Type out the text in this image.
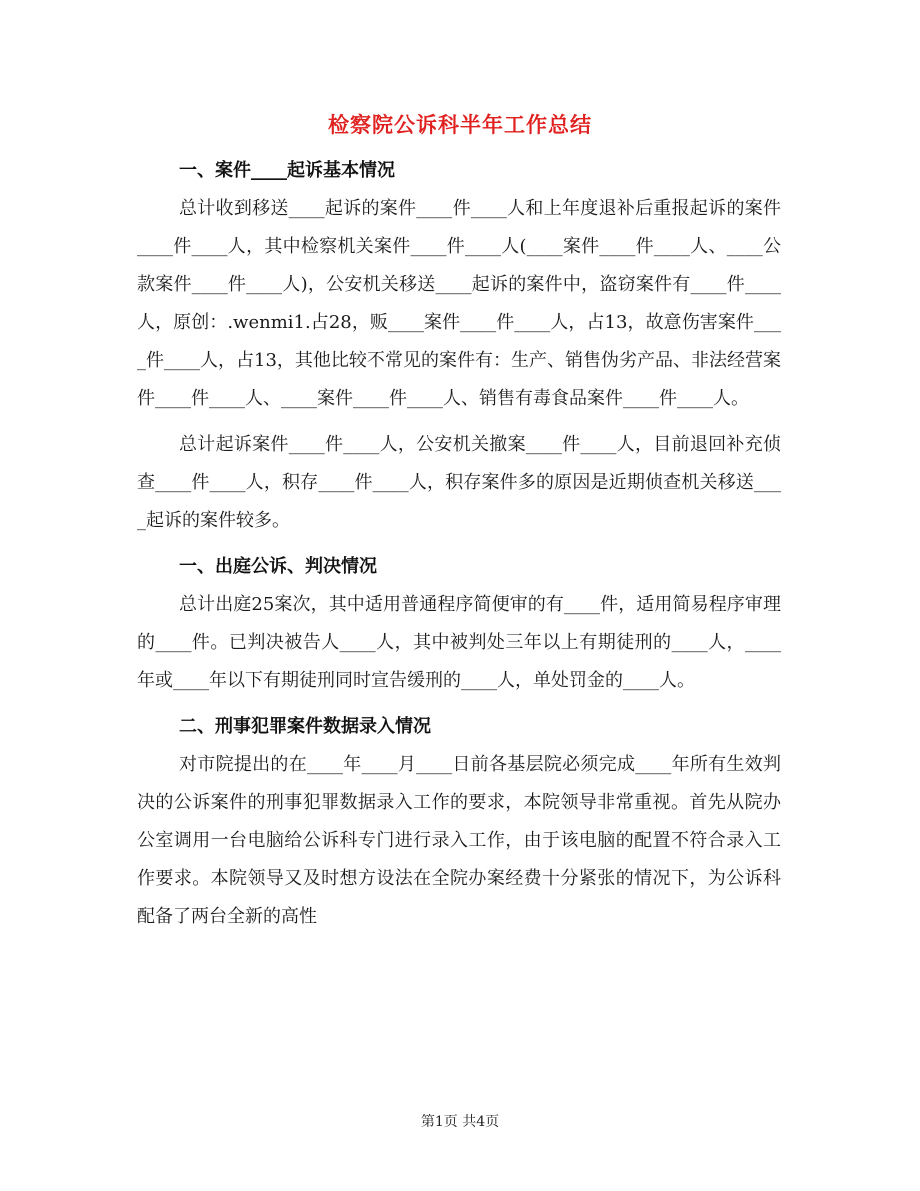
检察院公诉科半年工作总结
一、案件____起诉基本情况

总计收到移送____起诉的案件____件____人和上年度退补后重报起诉的案件____件____人，其中检察机关案件____件____人(____案件____件____人、____公款案件____件____人)，公安机关移送____起诉的案件中，盗窃案件有____件____人，原创：.wenmi1.占28，贩____案件____件____人，占13，故意伤害案件____件____人，占13，其他比较不常见的案件有：生产、销售伪劣产品、非法经营案件____件____人、____案件____件____人、销售有毒食品案件____件____人。

总计起诉案件____件____人，公安机关撤案____件____人，目前退回补充侦查____件____人，积存____件____人，积存案件多的原因是近期侦查机关移送____起诉的案件较多。

一、出庭公诉、判决情况

总计出庭25案次，其中适用普通程序简便审的有____件，适用简易程序审理的____件。已判决被告人____人，其中被判处三年以上有期徒刑的____人，____年或____年以下有期徒刑同时宣告缓刑的____人，单处罚金的____人。

二、刑事犯罪案件数据录入情况

对市院提出的在____年____月____日前各基层院必须完成____年所有生效判决的公诉案件的刑事犯罪数据录入工作的要求，本院领导非常重视。首先从院办公室调用一台电脑给公诉科专门进行录入工作，由于该电脑的配置不符合录入工作要求。本院领导又及时想方设法在全院办案经费十分紧张的情况下，为公诉科配备了两台全新的高性

第1页 共4页
